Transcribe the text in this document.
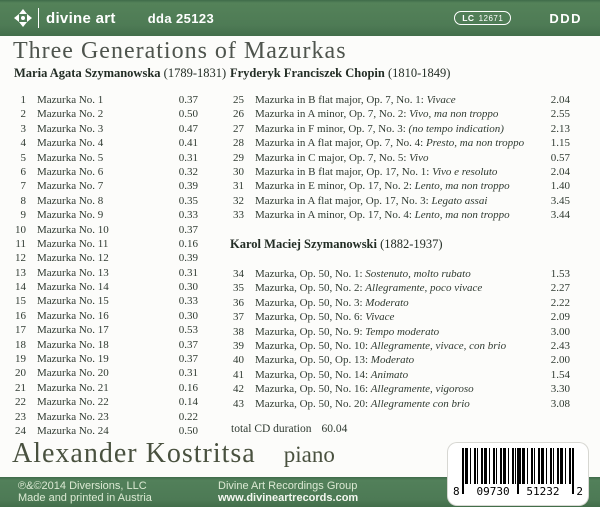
divine art dda 25123	LC 12671	DDD
Three Generations of Mazurkas
Maria Agata Szymanowska (1789-1831) Fryderyk Franciszek Chopin (1810-1849)
Karol Maciej Szymanowski (1882-1937)
1 Mazurka No. 1	0.37
2 Mazurka No. 2	0.50
3 Mazurka No. 3	0.47
4 Mazurka No. 4	0.41
5 Mazurka No. 5	0.31
6 Mazurka No. 6	0.32
7 Mazurka No. 7	0.39
8 Mazurka No. 8	0.35
9 Mazurka No. 9	0.33
10 Mazurka No. 10	0.37
11 Mazurka No. 11	0.16
12 Mazurka No. 12	0.39
13 Mazurka No. 13	0.31
14 Mazurka No. 14	0.30
15 Mazurka No. 15	0.33
16 Mazurka No. 16	0.30
17 Mazurka No. 17	0.53
18 Mazurka No. 18	0.37
19 Mazurka No. 19	0.37
20 Mazurka No. 20	0.31
21 Mazurka No. 21	0.16
22 Mazurka No. 22	0.14
23 Mazurka No. 23	0.22
24 Mazurka No. 24	0.50
25 Mazurka in B flat major, Op. 7, No. 1: Vivace	2.04
26 Mazurka in A minor, Op. 7, No. 2: Vivo, ma non troppo	2.55
27 Mazurka in F minor, Op. 7, No. 3: (no tempo indication)	2.13
28 Mazurka in A flat major, Op. 7, No. 4: Presto, ma non troppo	1.15
29 Mazurka in C major, Op. 7, No. 5: Vivo	0.57
30 Mazurka in B flat major, Op. 17, No. 1: Vivo e resoluto	2.04
31 Mazurka in E minor, Op. 17, No. 2: Lento, ma non troppo	1.40
32 Mazurka in A flat major, Op. 17, No. 3: Legato assai	3.45
33 Mazurka in A minor, Op. 17, No. 4: Lento, ma non troppo	3.44
34 Mazurka, Op. 50, No. 1: Sostenuto, molto rubato	1.53
35 Mazurka, Op. 50, No. 2: Allegramente, poco vivace	2.27
36 Mazurka, Op. 50, No. 3: Moderato	2.22
37 Mazurka, Op. 50, No. 6: Vivace	2.09
38 Mazurka, Op. 50, No. 9: Tempo moderato	3.00
39 Mazurka, Op. 50, No. 10: Allegramente, vivace, con brio	2.43
40 Mazurka, Op. 50, Op. 13: Moderato	2.00
41 Mazurka, Op. 50, No. 14: Animato	1.54
42 Mazurka, Op. 50, No. 16: Allegramente, vigoroso	3.30
43 Mazurka, Op. 50, No. 20: Allegramente con brio	3.08
total CD duration 60.04
Alexander Kostritsa piano
℗&©2014 Diversions, LLC
Made and printed in Austria
Divine Art Recordings Group
www.divineartrecords.com	8 09730 51232 2
